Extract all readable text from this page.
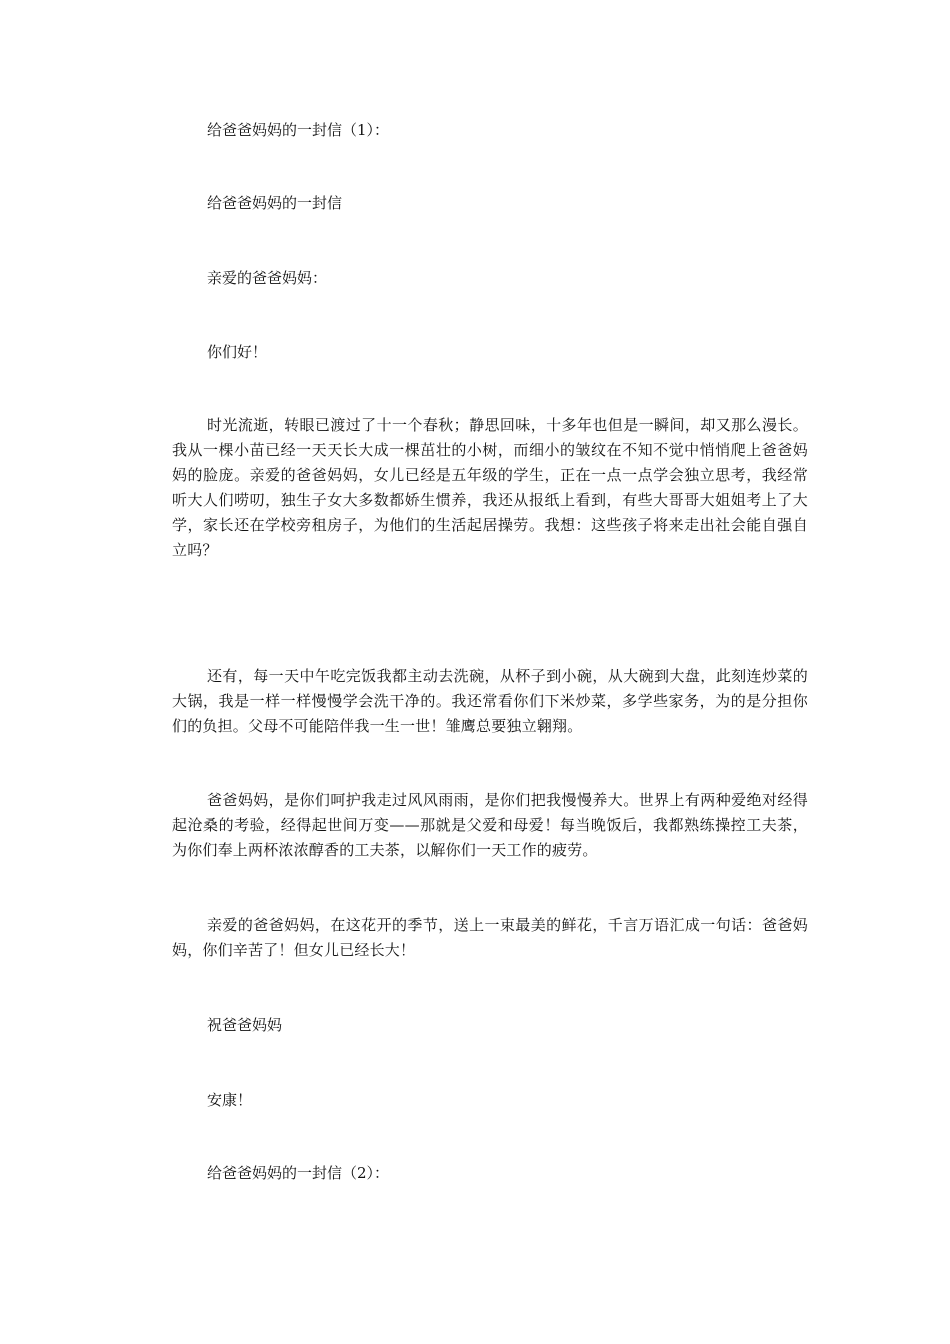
给爸爸妈妈的一封信（1）：

给爸爸妈妈的一封信

亲爱的爸爸妈妈：

你们好！

时光流逝，转眼已渡过了十一个春秋；静思回味，十多年也但是一瞬间，却又那么漫长。我从一棵小苗已经一天天长大成一棵茁壮的小树，而细小的皱纹在不知不觉中悄悄爬上爸爸妈妈的脸庞。亲爱的爸爸妈妈，女儿已经是五年级的学生，正在一点一点学会独立思考，我经常听大人们唠叨，独生子女大多数都娇生惯养，我还从报纸上看到，有些大哥哥大姐姐考上了大学，家长还在学校旁租房子，为他们的生活起居操劳。我想：这些孩子将来走出社会能自强自立吗？

还有，每一天中午吃完饭我都主动去洗碗，从杯子到小碗，从大碗到大盘，此刻连炒菜的大锅，我是一样一样慢慢学会洗干净的。我还常看你们下米炒菜，多学些家务，为的是分担你们的负担。父母不可能陪伴我一生一世！雏鹰总要独立翱翔。

爸爸妈妈，是你们呵护我走过风风雨雨，是你们把我慢慢养大。世界上有两种爱绝对经得起沧桑的考验，经得起世间万变——那就是父爱和母爱！每当晚饭后，我都熟练操控工夫茶，为你们奉上两杯浓浓醇香的工夫茶，以解你们一天工作的疲劳。

亲爱的爸爸妈妈，在这花开的季节，送上一束最美的鲜花，千言万语汇成一句话：爸爸妈妈，你们辛苦了！但女儿已经长大！

祝爸爸妈妈

安康！

给爸爸妈妈的一封信（2）：
